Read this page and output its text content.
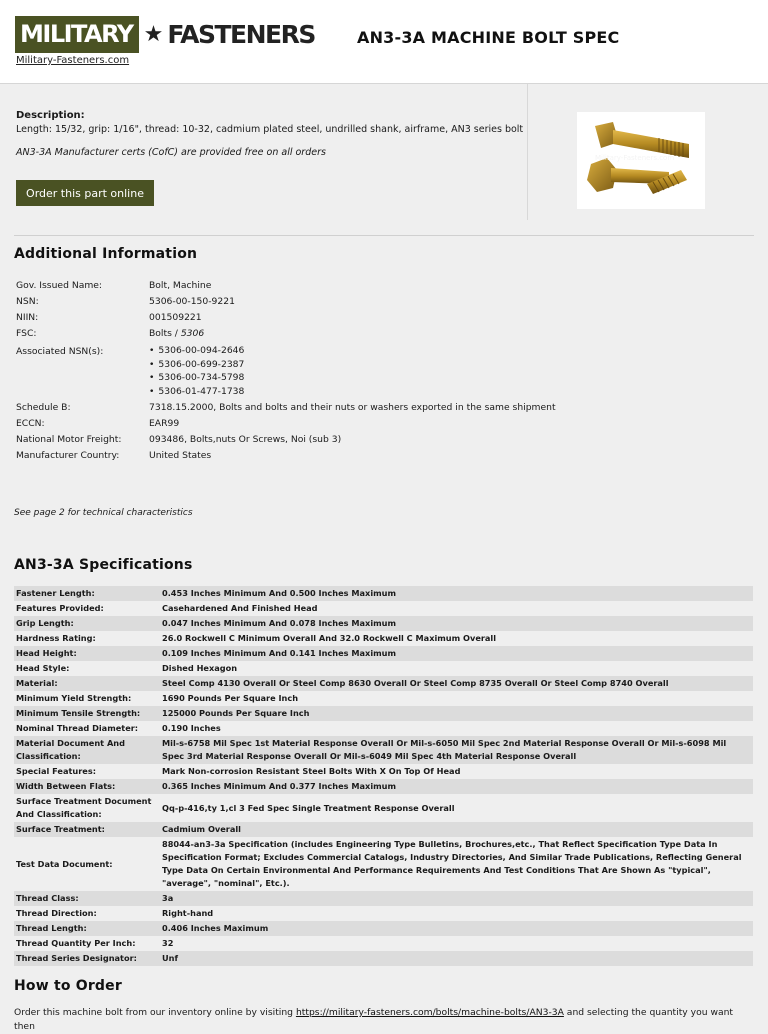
MILITARY ★ FASTENERS
Military-Fasteners.com
AN3-3A MACHINE BOLT SPEC
Description:
Length: 15/32, grip: 1/16", thread: 10-32, cadmium plated steel, undrilled shank, airframe, AN3 series bolt
AN3-3A Manufacturer certs (CofC) are provided free on all orders
Order this part online
Military-Fasteners.com
Additional Information
Gov. Issued Name:	Bolt, Machine
NSN:	5306-00-150-9221
NIIN:	001509221
FSC:	Bolts / 5306
Associated NSN(s):	• 5306-00-094-2646
• 5306-00-699-2387
• 5306-00-734-5798
• 5306-01-477-1738
Schedule B:	7318.15.2000, Bolts and bolts and their nuts or washers exported in the same shipment
ECCN:	EAR99
National Motor Freight:	093486, Bolts,nuts Or Screws, Noi (sub 3)
Manufacturer Country:	United States
See page 2 for technical characteristics
AN3-3A Specifications
Fastener Length:	0.453 Inches Minimum And 0.500 Inches Maximum
Features Provided:	Casehardened And Finished Head
Grip Length:	0.047 Inches Minimum And 0.078 Inches Maximum
Hardness Rating:	26.0 Rockwell C Minimum Overall And 32.0 Rockwell C Maximum Overall
Head Height:	0.109 Inches Minimum And 0.141 Inches Maximum
Head Style:	Dished Hexagon
Material:	Steel Comp 4130 Overall Or Steel Comp 8630 Overall Or Steel Comp 8735 Overall Or Steel Comp 8740 Overall
Minimum Yield Strength:	1690 Pounds Per Square Inch
Minimum Tensile Strength:	125000 Pounds Per Square Inch
Nominal Thread Diameter:	0.190 Inches
Material Document And Classification:	Mil-s-6758 Mil Spec 1st Material Response Overall Or Mil-s-6050 Mil Spec 2nd Material Response Overall Or Mil-s-6098 Mil Spec 3rd Material Response Overall Or Mil-s-6049 Mil Spec 4th Material Response Overall
Special Features:	Mark Non-corrosion Resistant Steel Bolts With X On Top Of Head
Width Between Flats:	0.365 Inches Minimum And 0.377 Inches Maximum
Surface Treatment Document And Classification:	Qq-p-416,ty 1,cl 3 Fed Spec Single Treatment Response Overall
Surface Treatment:	Cadmium Overall
Test Data Document:	88044-an3-3a Specification (includes Engineering Type Bulletins, Brochures,etc., That Reflect Specification Type Data In Specification Format; Excludes Commercial Catalogs, Industry Directories, And Similar Trade Publications, Reflecting General Type Data On Certain Environmental And Performance Requirements And Test Conditions That Are Shown As "typical", "average", "nominal", Etc.).
Thread Class:	3a
Thread Direction:	Right-hand
Thread Length:	0.406 Inches Maximum
Thread Quantity Per Inch:	32
Thread Series Designator:	Unf
How to Order
Order this machine bolt from our inventory online by visiting https://military-fasteners.com/bolts/machine-bolts/AN3-3A and selecting the quantity you want then
